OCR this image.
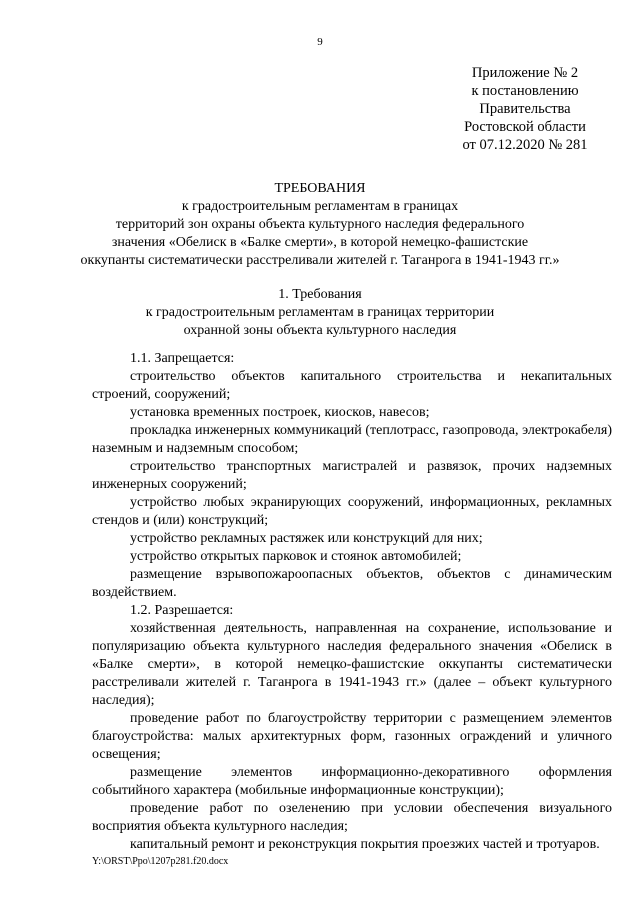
9
Приложение № 2
к постановлению
Правительства
Ростовской области
от 07.12.2020 № 281
ТРЕБОВАНИЯ
к градостроительным регламентам в границах
территорий зон охраны объекта культурного наследия федерального
значения «Обелиск в «Балке смерти», в которой немецко-фашистские
оккупанты систематически расстреливали жителей г. Таганрога в 1941-1943 гг.»
1. Требования
к градостроительным регламентам в границах территории
охранной зоны объекта культурного наследия

1.1. Запрещается:

строительство объектов капитального строительства и некапитальных строений, сооружений;

установка временных построек, киосков, навесов;

прокладка инженерных коммуникаций (теплотрасс, газопровода, электрокабеля) наземным и надземным способом;

строительство транспортных магистралей и развязок, прочих надземных инженерных сооружений;

устройство любых экранирующих сооружений, информационных, рекламных стендов и (или) конструкций;

устройство рекламных растяжек или конструкций для них;

устройство открытых парковок и стоянок автомобилей;

размещение взрывопожароопасных объектов, объектов с динамическим воздействием.

1.2. Разрешается:

хозяйственная деятельность, направленная на сохранение, использование и популяризацию объекта культурного наследия федерального значения «Обелиск в «Балке смерти», в которой немецко-фашистские оккупанты систематически расстреливали жителей г. Таганрога в 1941-1943 гг.» (далее – объект культурного наследия);

проведение работ по благоустройству территории с размещением элементов благоустройства: малых архитектурных форм, газонных ограждений и уличного освещения;

размещение элементов информационно-декоративного оформления событийного характера (мобильные информационные конструкции);

проведение работ по озеленению при условии обеспечения визуального восприятия объекта культурного наследия;

капитальный ремонт и реконструкция покрытия проезжих частей и тротуаров.

Y:\ORST\Ppo\1207p281.f20.docx
